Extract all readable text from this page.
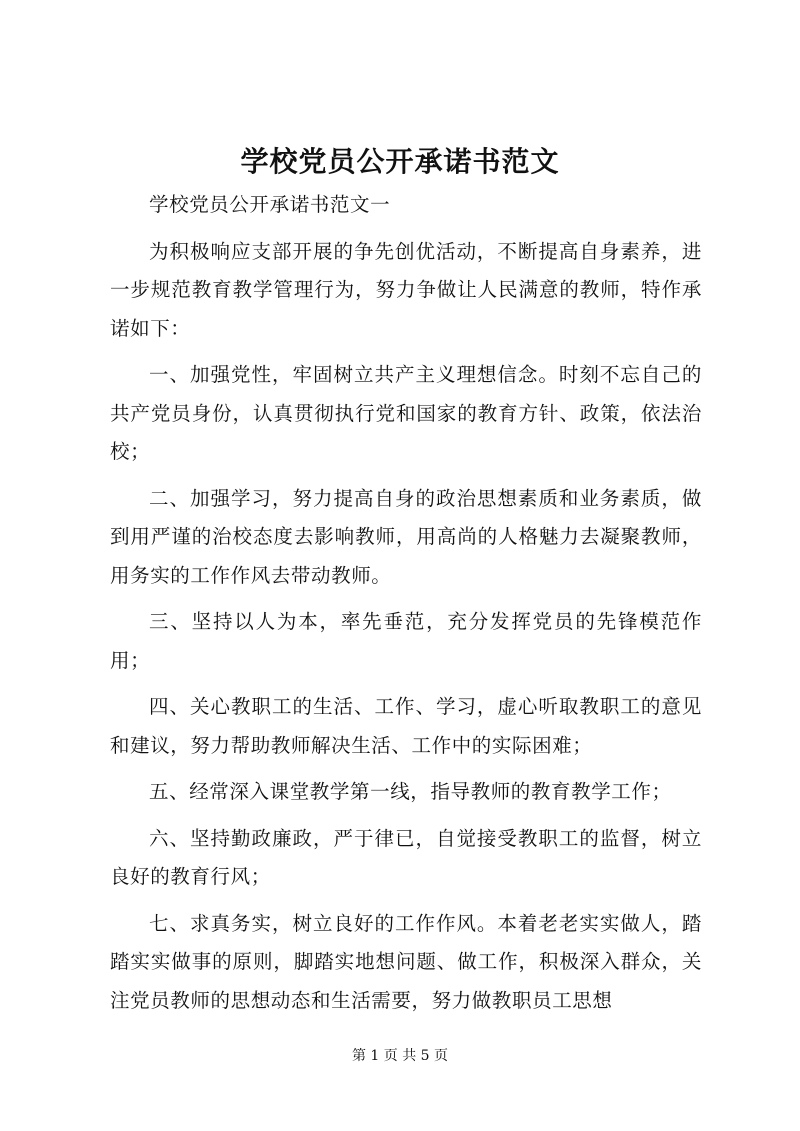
学校党员公开承诺书范文

学校党员公开承诺书范文一

为积极响应支部开展的争先创优活动，不断提高自身素养，进一步规范教育教学管理行为，努力争做让人民满意的教师，特作承诺如下：

一、加强党性，牢固树立共产主义理想信念。时刻不忘自己的共产党员身份，认真贯彻执行党和国家的教育方针、政策，依法治校；

二、加强学习，努力提高自身的政治思想素质和业务素质，做到用严谨的治校态度去影响教师，用高尚的人格魅力去凝聚教师，用务实的工作作风去带动教师。

三、坚持以人为本，率先垂范，充分发挥党员的先锋模范作用；

四、关心教职工的生活、工作、学习，虚心听取教职工的意见和建议，努力帮助教师解决生活、工作中的实际困难；

五、经常深入课堂教学第一线，指导教师的教育教学工作；

六、坚持勤政廉政，严于律已，自觉接受教职工的监督，树立良好的教育行风；

七、求真务实，树立良好的工作作风。本着老老实实做人，踏踏实实做事的原则，脚踏实地想问题、做工作，积极深入群众，关注党员教师的思想动态和生活需要，努力做教职员工思想

第 1 页 共 5 页
